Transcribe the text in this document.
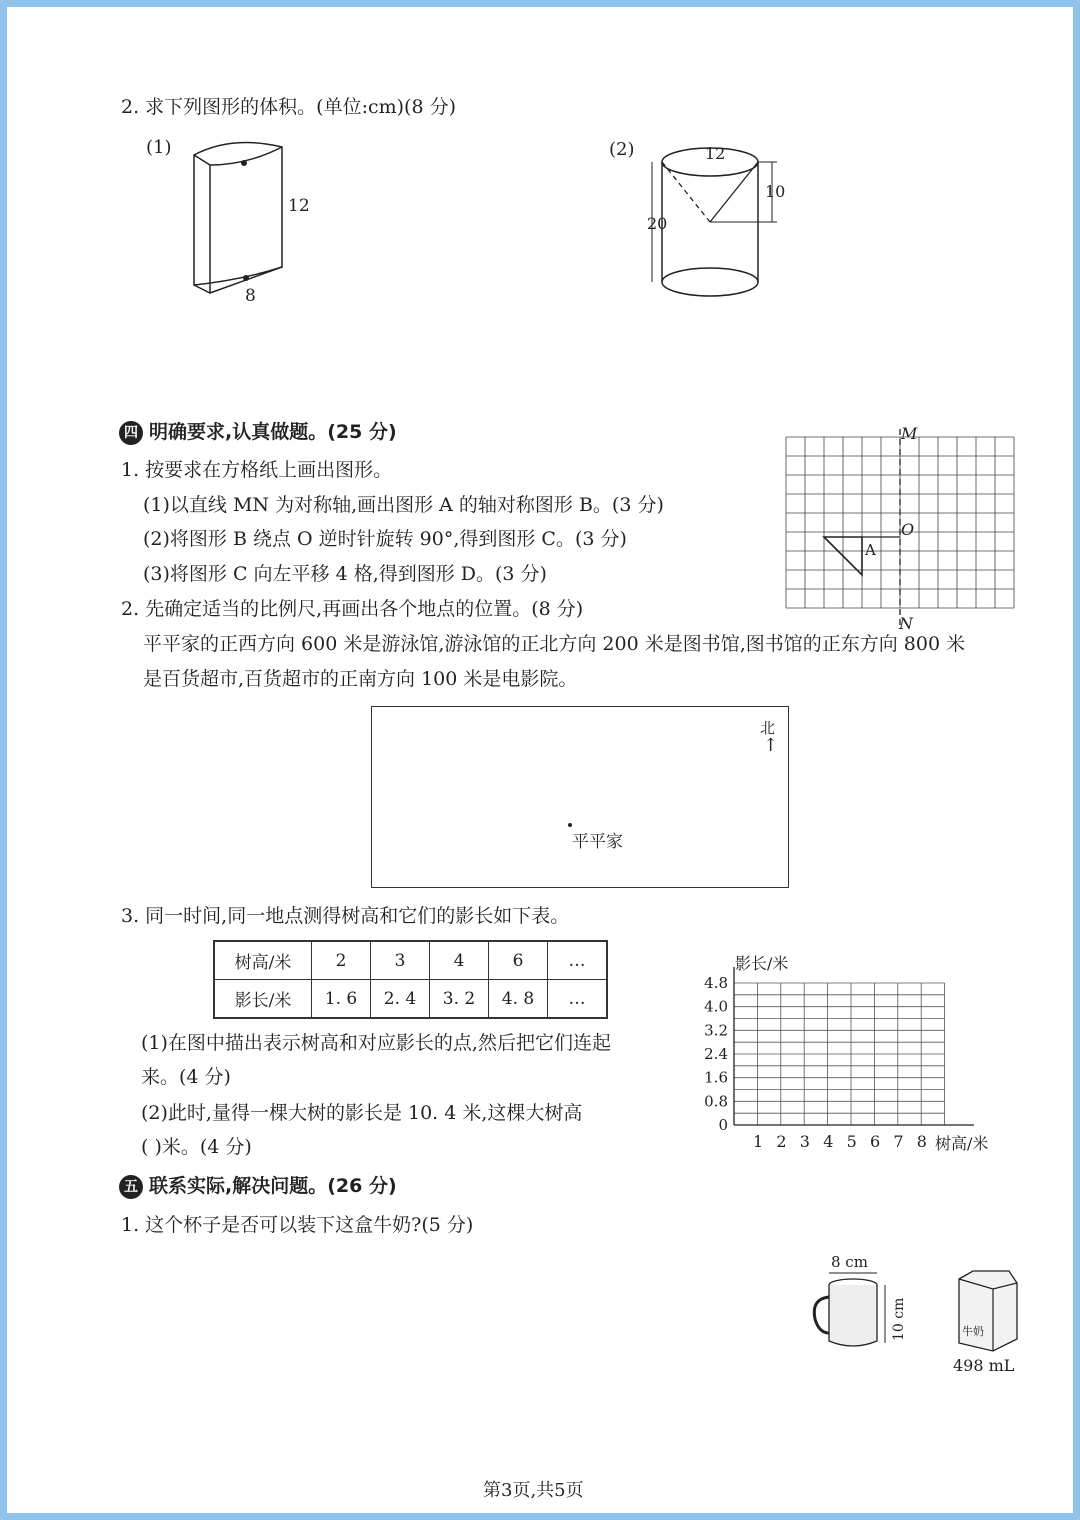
2. 求下列图形的体积。(单位:cm)(8 分)
(1)
12
8
(2)	12
10
20
四 明确要求,认真做题。(25 分)
1. 按要求在方格纸上画出图形。
(1)以直线 MN 为对称轴,画出图形 A 的轴对称图形 B。(3 分)
(2)将图形 B 绕点 O 逆时针旋转 90°,得到图形 C。(3 分)
(3)将图形 C 向左平移 4 格,得到图形 D。(3 分)
M
N
O
A
2. 先确定适当的比例尺,再画出各个地点的位置。(8 分)
平平家的正西方向 600 米是游泳馆,游泳馆的正北方向 200 米是图书馆,图书馆的正东方向 800 米
是百货超市,百货超市的正南方向 100 米是电影院。
北
↑
平平家
3. 同一时间,同一地点测得树高和它们的影长如下表。
树高/米	2	3	4	6	…
影长/米	1. 6	2. 4	3. 2	4. 8	…
(1)在图中描出表示树高和对应影长的点,然后把它们连起
来。(4 分)
(2)此时,量得一棵大树的影长是 10. 4 米,这棵大树高
( )米。(4 分)	1 2 3 4 5 6 7 8
0
0.8
1.6
2.4
3.2
4.0
4.8
影长/米
树高/米
五 联系实际,解决问题。(26 分)
1. 这个杯子是否可以装下这盒牛奶?(5 分)
8 cm
10 cm	牛奶
498 mL
第3页,共5页
